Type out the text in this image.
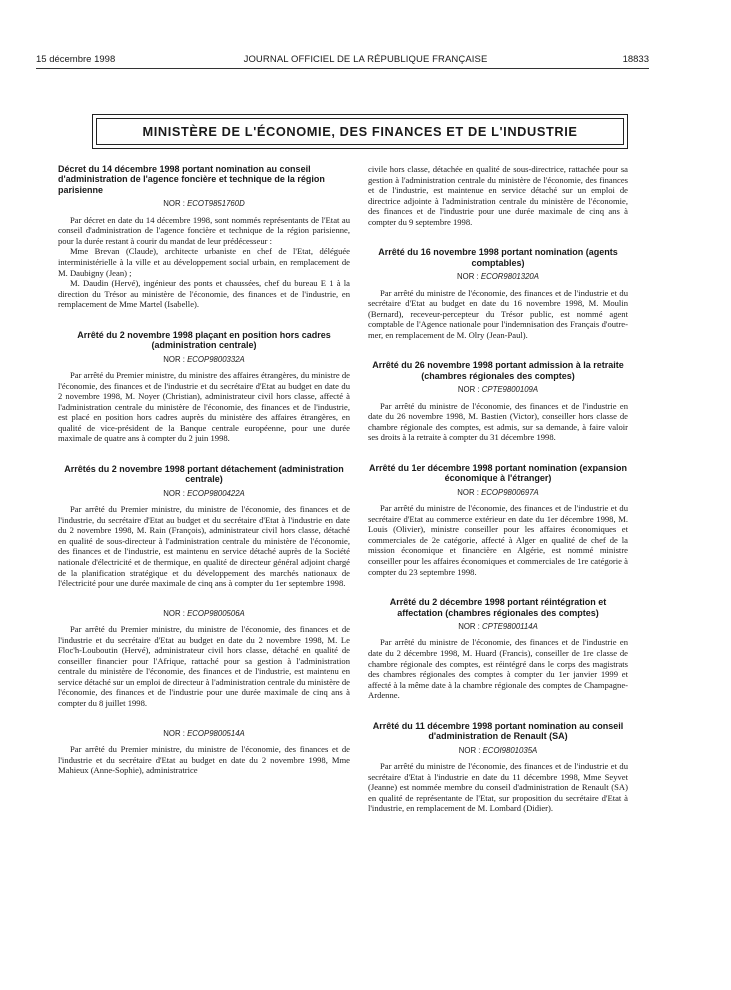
15 décembre 1998	JOURNAL OFFICIEL DE LA RÉPUBLIQUE FRANÇAISE	18833
MINISTÈRE DE L'ÉCONOMIE, DES FINANCES ET DE L'INDUSTRIE

Décret du 14 décembre 1998 portant nomination au conseil d'administration de l'agence foncière et technique de la région parisienne

NOR : ECOT9851760D

Par décret en date du 14 décembre 1998, sont nommés représentants de l'Etat au conseil d'administration de l'agence foncière et technique de la région parisienne, pour la durée restant à courir du mandat de leur prédécesseur :

Mme Brevan (Claude), architecte urbaniste en chef de l'Etat, déléguée interministérielle à la ville et au développement social urbain, en remplacement de M. Daubigny (Jean) ;

M. Daudin (Hervé), ingénieur des ponts et chaussées, chef du bureau E 1 à la direction du Trésor au ministère de l'économie, des finances et de l'industrie, en remplacement de Mme Martel (Isabelle).

Arrêté du 2 novembre 1998 plaçant en position hors cadres (administration centrale)

NOR : ECOP9800332A

Par arrêté du Premier ministre, du ministre des affaires étrangères, du ministre de l'économie, des finances et de l'industrie et du secrétaire d'Etat au budget en date du 2 novembre 1998, M. Noyer (Christian), administrateur civil hors classe, affecté à l'administration centrale du ministère de l'économie, des finances et de l'industrie, est placé en position hors cadres auprès du ministère des affaires étrangères, en qualité de vice-président de la Banque centrale européenne, pour une durée maximale de quatre ans à compter du 2 juin 1998.

Arrêtés du 2 novembre 1998 portant détachement (administration centrale)

NOR : ECOP9800422A

Par arrêté du Premier ministre, du ministre de l'économie, des finances et de l'industrie, du secrétaire d'Etat au budget et du secrétaire d'Etat à l'industrie en date du 2 novembre 1998, M. Rain (François), administrateur civil hors classe, détaché en qualité de sous-directeur à l'administration centrale du ministère de l'économie, des finances et de l'industrie, est maintenu en service détaché auprès de la Société nationale d'électricité et de thermique, en qualité de directeur général adjoint chargé de la planification stratégique et du développement des marchés nationaux de l'électricité pour une durée maximale de cinq ans à compter du 1er septembre 1998.

NOR : ECOP9800506A

Par arrêté du Premier ministre, du ministre de l'économie, des finances et de l'industrie et du secrétaire d'Etat au budget en date du 2 novembre 1998, M. Le Floc'h-Louboutin (Hervé), administrateur civil hors classe, détaché en qualité de conseiller financier pour l'Afrique, rattaché pour sa gestion à l'administration centrale du ministère de l'économie, des finances et de l'industrie, est maintenu en service détaché sur un emploi de directeur à l'administration centrale du ministère de l'économie, des finances et de l'industrie pour une durée maximale de cinq ans à compter du 8 juillet 1998.

NOR : ECOP9800514A

Par arrêté du Premier ministre, du ministre de l'économie, des finances et de l'industrie et du secrétaire d'Etat au budget en date du 2 novembre 1998, Mme Mahieux (Anne-Sophie), administratrice

civile hors classe, détachée en qualité de sous-directrice, rattachée pour sa gestion à l'administration centrale du ministère de l'économie, des finances et de l'industrie, est maintenue en service détaché sur un emploi de directrice adjointe à l'administration centrale du ministère de l'économie, des finances et de l'industrie pour une durée maximale de cinq ans à compter du 9 septembre 1998.

Arrêté du 16 novembre 1998 portant nomination (agents comptables)

NOR : ECOR9801320A

Par arrêté du ministre de l'économie, des finances et de l'industrie et du secrétaire d'Etat au budget en date du 16 novembre 1998, M. Moulin (Bernard), receveur-percepteur du Trésor public, est nommé agent comptable de l'Agence nationale pour l'indemnisation des Français d'outre-mer, en remplacement de M. Olry (Jean-Paul).

Arrêté du 26 novembre 1998 portant admission à la retraite (chambres régionales des comptes)

NOR : CPTE9800109A

Par arrêté du ministre de l'économie, des finances et de l'industrie en date du 26 novembre 1998, M. Bastien (Victor), conseiller hors classe de chambre régionale des comptes, est admis, sur sa demande, à faire valoir ses droits à la retraite à compter du 31 décembre 1998.

Arrêté du 1er décembre 1998 portant nomination (expansion économique à l'étranger)

NOR : ECOP9800697A

Par arrêté du ministre de l'économie, des finances et de l'industrie et du secrétaire d'Etat au commerce extérieur en date du 1er décembre 1998, M. Louis (Olivier), ministre conseiller pour les affaires économiques et commerciales de 2e catégorie, affecté à Alger en qualité de chef de la mission économique et financière en Algérie, est nommé ministre conseiller pour les affaires économiques et commerciales de 1re catégorie à compter du 23 septembre 1998.

Arrêté du 2 décembre 1998 portant réintégration et affectation (chambres régionales des comptes)

NOR : CPTE9800114A

Par arrêté du ministre de l'économie, des finances et de l'industrie en date du 2 décembre 1998, M. Huard (Francis), conseiller de 1re classe de chambre régionale des comptes, est réintégré dans le corps des magistrats des chambres régionales des comptes à compter du 1er janvier 1999 et affecté à la même date à la chambre régionale des comptes de Champagne-Ardenne.

Arrêté du 11 décembre 1998 portant nomination au conseil d'administration de Renault (SA)

NOR : ECOI9801035A

Par arrêté du ministre de l'économie, des finances et de l'industrie et du secrétaire d'Etat à l'industrie en date du 11 décembre 1998, Mme Seyvet (Jeanne) est nommée membre du conseil d'administration de Renault (SA) en qualité de représentante de l'Etat, sur proposition du secrétaire d'Etat à l'industrie, en remplacement de M. Lombard (Didier).
